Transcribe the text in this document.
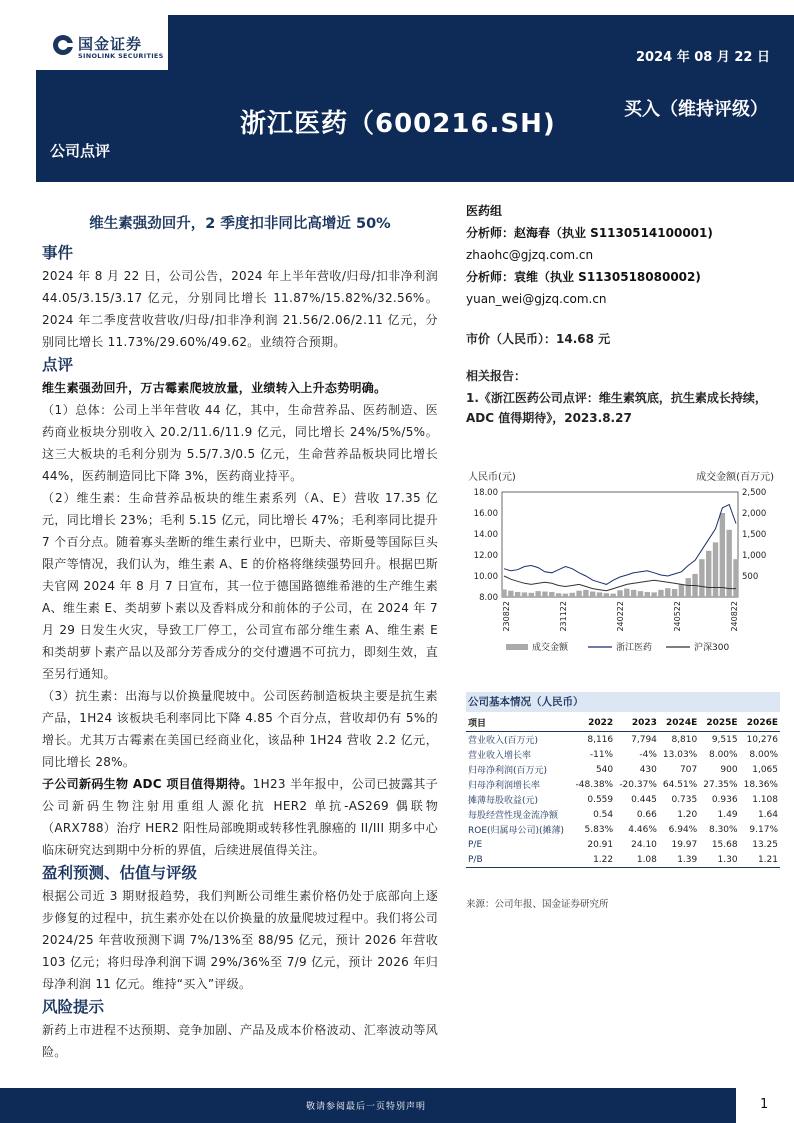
国金证券
SINOLINK SECURITIES	2024 年 08 月 22 日
浙江医药（600216.SH)	买入（维持评级）
公司点评
维生素强劲回升，2 季度扣非同比高增近 50%
事件

2024 年 8 月 22 日，公司公告，2024 年上半年营收/归母/扣非净利润 44.05/3.15/3.17 亿元，分别同比增长 11.87%/15.82%/32.56%。2024 年二季度营收营收/归母/扣非净利润 21.56/2.06/2.11 亿元，分别同比增长 11.73%/29.60%/49.62。业绩符合预期。

点评

维生素强劲回升，万古霉素爬坡放量，业绩转入上升态势明确。

（1）总体：公司上半年营收 44 亿，其中，生命营养品、医药制造、医药商业板块分别收入 20.2/11.6/11.9 亿元，同比增长 24%/5%/5%。这三大板块的毛利分别为 5.5/7.3/0.5 亿元，生命营养品板块同比增长 44%，医药制造同比下降 3%，医药商业持平。

（2）维生素：生命营养品板块的维生素系列（A、E）营收 17.35 亿元，同比增长 23%；毛利 5.15 亿元，同比增长 47%；毛利率同比提升 7 个百分点。随着寡头垄断的维生素行业中，巴斯夫、帝斯曼等国际巨头限产等情况，我们认为，维生素 A、E 的价格将继续强势回升。根据巴斯夫官网 2024 年 8 月 7 日宣布，其一位于德国路德维希港的生产维生素 A、维生素 E、类胡萝卜素以及香料成分和前体的子公司，在 2024 年 7 月 29 日发生火灾，导致工厂停工，公司宣布部分维生素 A、维生素 E 和类胡萝卜素产品以及部分芳香成分的交付遭遇不可抗力，即刻生效，直至另行通知。

（3）抗生素：出海与以价换量爬坡中。公司医药制造板块主要是抗生素产品，1H24 该板块毛利率同比下降 4.85 个百分点，营收却仍有 5%的增长。尤其万古霉素在美国已经商业化，该品种 1H24 营收 2.2 亿元，同比增长 28%。

子公司新码生物 ADC 项目值得期待。1H23 半年报中，公司已披露其子公司新码生物注射用重组人源化抗 HER2 单抗-AS269 偶联物（ARX788）治疗 HER2 阳性局部晚期或转移性乳腺癌的 II/III 期多中心临床研究达到期中分析的界值，后续进展值得关注。

盈利预测、估值与评级

根据公司近 3 期财报趋势，我们判断公司维生素价格仍处于底部向上逐步修复的过程中，抗生素亦处在以价换量的放量爬坡过程中。我们将公司 2024/25 年营收预测下调 7%/13%至 88/95 亿元，预计 2026 年营收 103 亿元；将归母净利润下调 29%/36%至 7/9 亿元，预计 2026 年归母净利润 11 亿元。维持“买入”评级。

风险提示

新药上市进程不达预期、竞争加剧、产品及成本价格波动、汇率波动等风险。

医药组
分析师：赵海春（执业 S1130514100001)
zhaohc@gjzq.com.cn
分析师：袁维（执业 S1130518080002)
yuan_wei@gjzq.com.cn
市价（人民币）：14.68 元
相关报告：
1.《浙江医药公司点评：维生素筑底，抗生素成长持续，ADC 值得期待》，2023.8.27
人民币(元)	成交金额(百万元)
18.00
16.00
14.00
12.00
10.00
8.00
2,500
2,000
1,500
1,000
500
230822	231122	240222	240522	240822
成交金额	浙江医药	沪深300
公司基本情况（人民币）
项目	2022	2023	2024E	2025E	2026E
营业收入(百万元)	8,116	7,794	8,810	9,515	10,276
营业收入增长率	-11%	-4%	13.03%	8.00%	8.00%
归母净利润(百万元)	540	430	707	900	1,065
归母净利润增长率	-48.38%	-20.37%	64.51%	27.35%	18.36%
摊薄每股收益(元)	0.559	0.445	0.735	0.936	1.108
每股经营性现金流净额	0.54	0.66	1.20	1.49	1.64
ROE(归属母公司)(摊薄)	5.83%	4.46%	6.94%	8.30%	9.17%
P/E	20.91	24.10	19.97	15.68	13.25
P/B	1.22	1.08	1.39	1.30	1.21
来源：公司年报、国金证券研究所
敬请参阅最后一页特别声明	1
